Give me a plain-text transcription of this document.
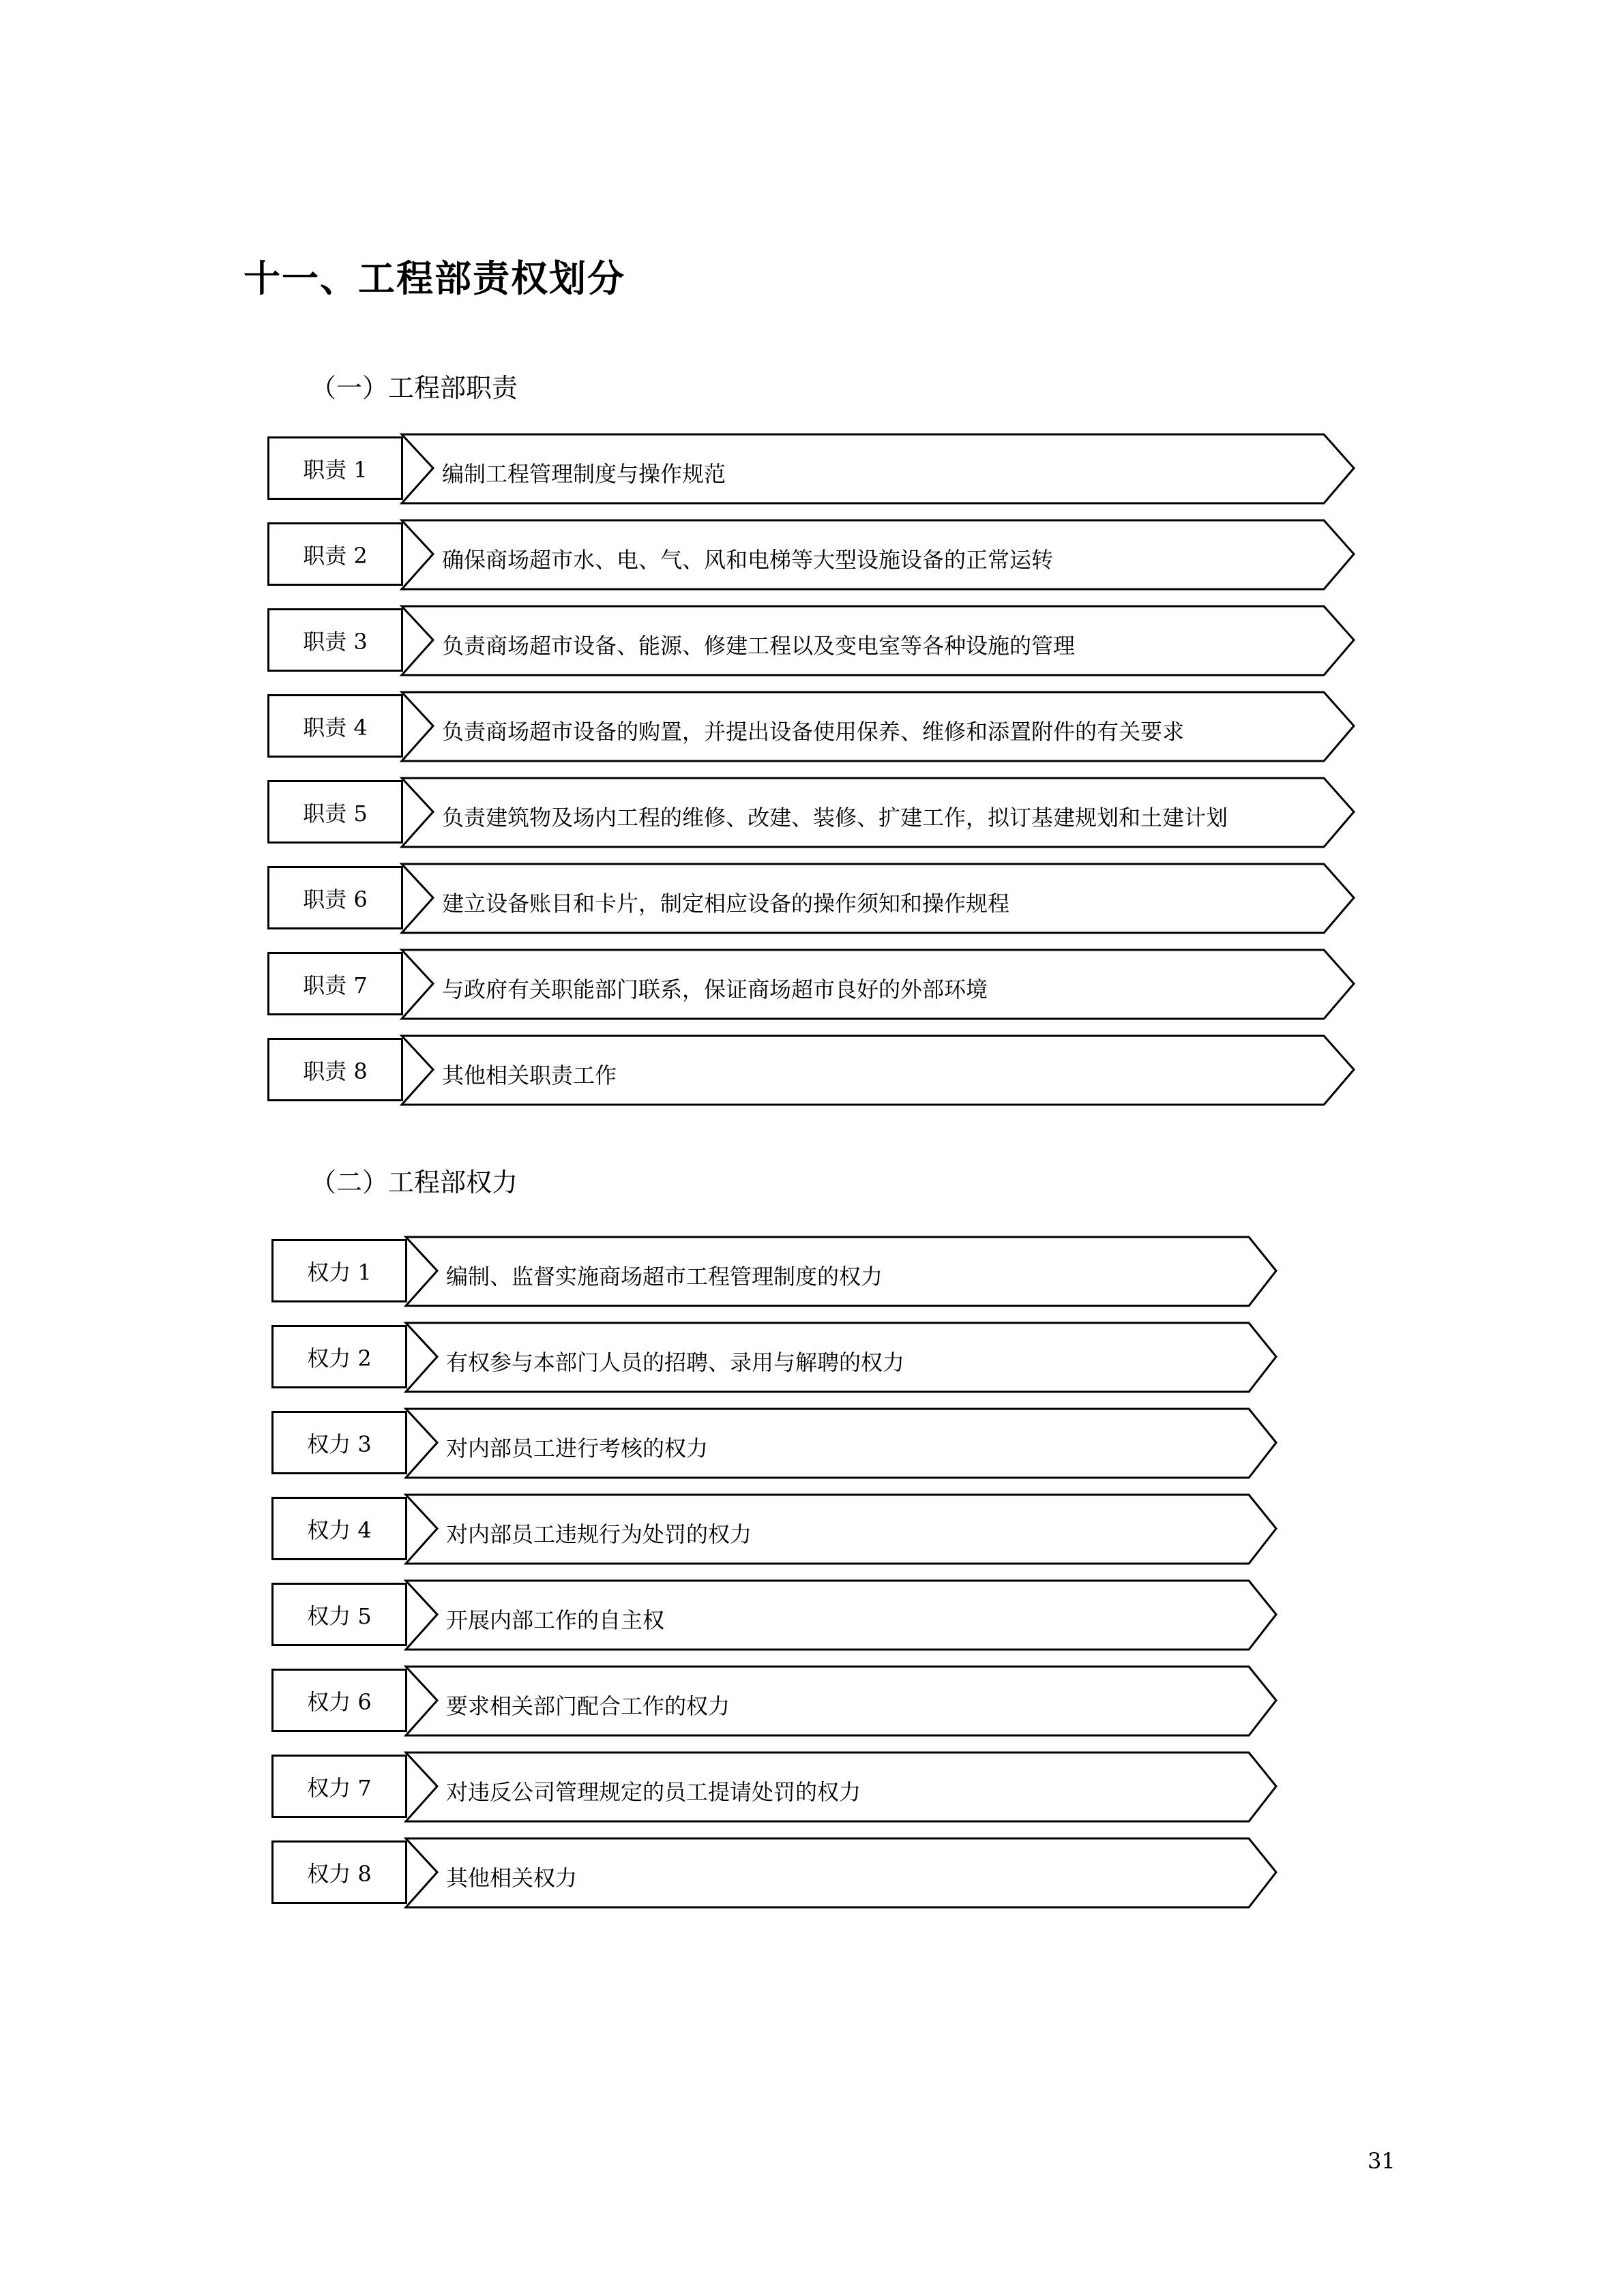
十一、工程部责权划分
（一）工程部职责
职责 1	编制工程管理制度与操作规范
职责 2	确保商场超市水、电、气、风和电梯等大型设施设备的正常运转
职责 3	负责商场超市设备、能源、修建工程以及变电室等各种设施的管理
职责 4	负责商场超市设备的购置，并提出设备使用保养、维修和添置附件的有关要求
职责 5	负责建筑物及场内工程的维修、改建、装修、扩建工作，拟订基建规划和土建计划
职责 6	建立设备账目和卡片，制定相应设备的操作须知和操作规程
职责 7	与政府有关职能部门联系，保证商场超市良好的外部环境
职责 8	其他相关职责工作
（二）工程部权力
权力 1	编制、监督实施商场超市工程管理制度的权力
权力 2	有权参与本部门人员的招聘、录用与解聘的权力
权力 3	对内部员工进行考核的权力
权力 4	对内部员工违规行为处罚的权力
权力 5	开展内部工作的自主权
权力 6	要求相关部门配合工作的权力
权力 7	对违反公司管理规定的员工提请处罚的权力
权力 8	其他相关权力
31
